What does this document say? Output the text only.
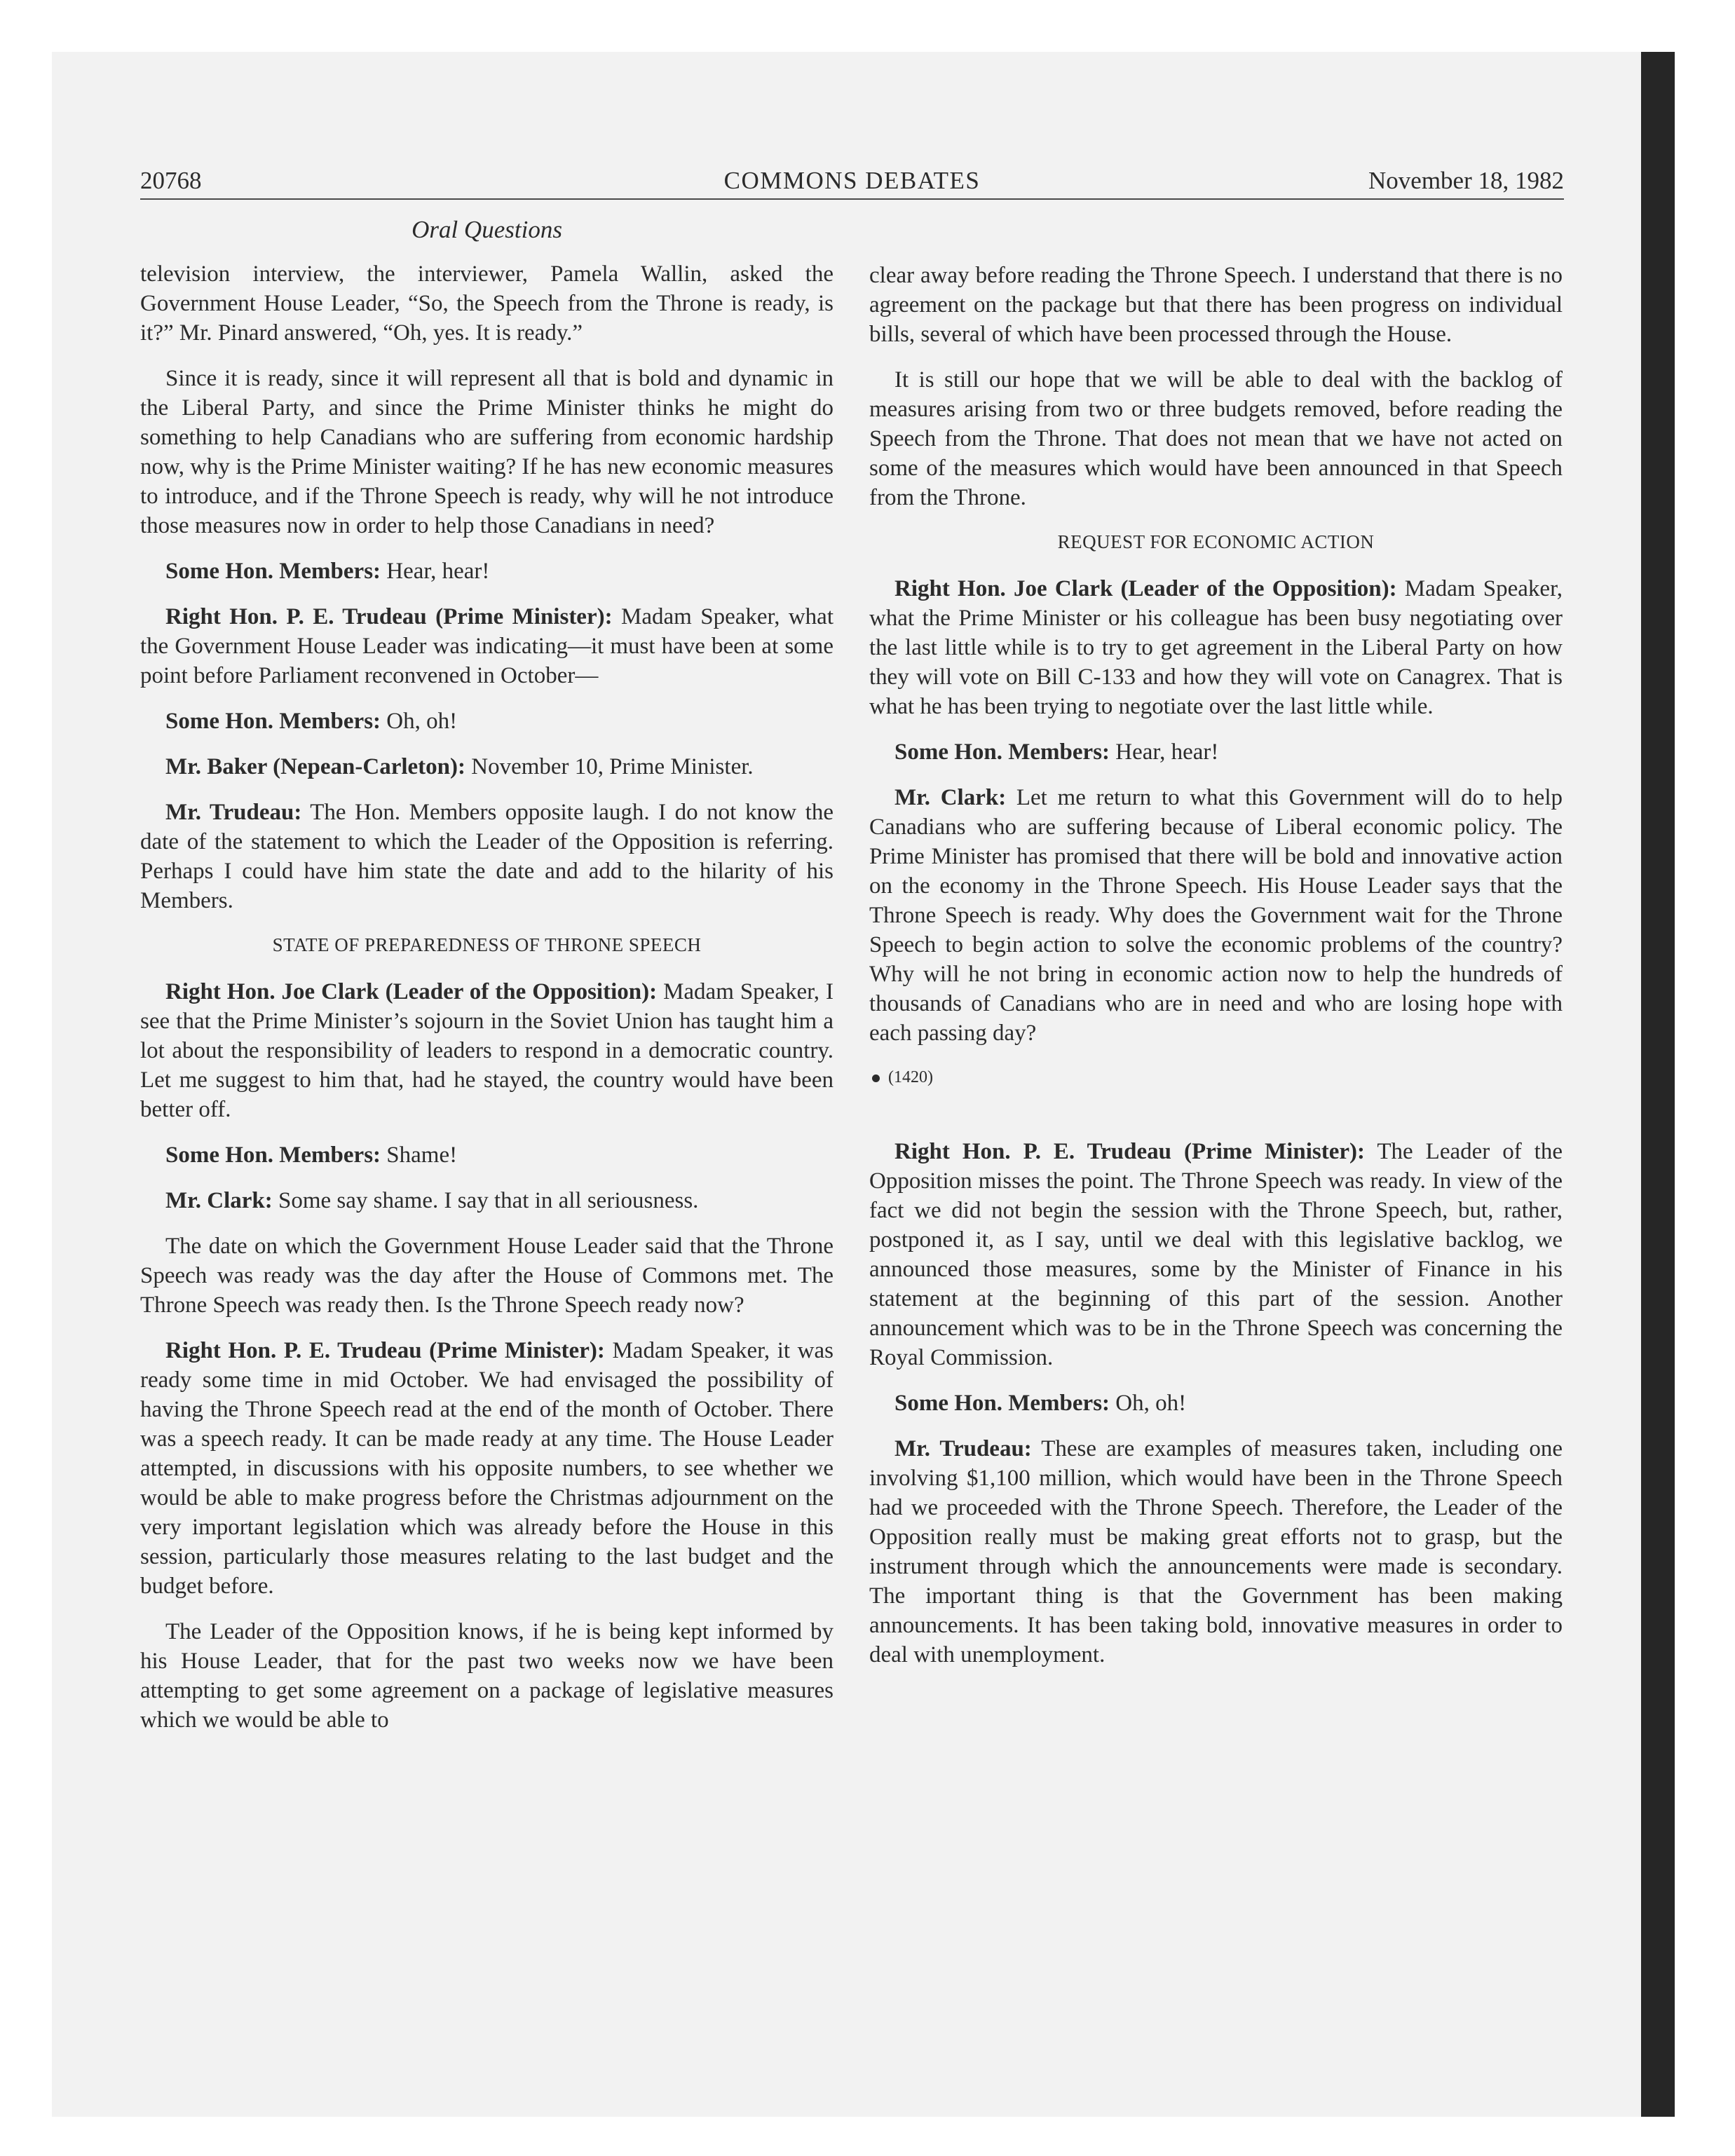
20768	COMMONS DEBATES	November 18, 1982
Oral Questions

television interview, the interviewer, Pamela Wallin, asked the Government House Leader, “So, the Speech from the Throne is ready, is it?” Mr. Pinard answered, “Oh, yes. It is ready.”

Since it is ready, since it will represent all that is bold and dynamic in the Liberal Party, and since the Prime Minister thinks he might do something to help Canadians who are suffering from economic hardship now, why is the Prime Minister waiting? If he has new economic measures to introduce, and if the Throne Speech is ready, why will he not introduce those measures now in order to help those Canadians in need?

Some Hon. Members: Hear, hear!

Right Hon. P. E. Trudeau (Prime Minister): Madam Speaker, what the Government House Leader was indicating—it must have been at some point before Parliament reconvened in October—

Some Hon. Members: Oh, oh!

Mr. Baker (Nepean-Carleton): November 10, Prime Minister.

Mr. Trudeau: The Hon. Members opposite laugh. I do not know the date of the statement to which the Leader of the Opposition is referring. Perhaps I could have him state the date and add to the hilarity of his Members.

STATE OF PREPAREDNESS OF THRONE SPEECH

Right Hon. Joe Clark (Leader of the Opposition): Madam Speaker, I see that the Prime Minister’s sojourn in the Soviet Union has taught him a lot about the responsibility of leaders to respond in a democratic country. Let me suggest to him that, had he stayed, the country would have been better off.

Some Hon. Members: Shame!

Mr. Clark: Some say shame. I say that in all seriousness.

The date on which the Government House Leader said that the Throne Speech was ready was the day after the House of Commons met. The Throne Speech was ready then. Is the Throne Speech ready now?

Right Hon. P. E. Trudeau (Prime Minister): Madam Speaker, it was ready some time in mid October. We had envisaged the possibility of having the Throne Speech read at the end of the month of October. There was a speech ready. It can be made ready at any time. The House Leader attempted, in discussions with his opposite numbers, to see whether we would be able to make progress before the Christmas adjournment on the very important legislation which was already before the House in this session, particularly those measures relating to the last budget and the budget before.

The Leader of the Opposition knows, if he is being kept informed by his House Leader, that for the past two weeks now we have been attempting to get some agreement on a package of legislative measures which we would be able to

clear away before reading the Throne Speech. I understand that there is no agreement on the package but that there has been progress on individual bills, several of which have been processed through the House.

It is still our hope that we will be able to deal with the backlog of measures arising from two or three budgets removed, before reading the Speech from the Throne. That does not mean that we have not acted on some of the measures which would have been announced in that Speech from the Throne.

REQUEST FOR ECONOMIC ACTION

Right Hon. Joe Clark (Leader of the Opposition): Madam Speaker, what the Prime Minister or his colleague has been busy negotiating over the last little while is to try to get agreement in the Liberal Party on how they will vote on Bill C-133 and how they will vote on Canagrex. That is what he has been trying to negotiate over the last little while.

Some Hon. Members: Hear, hear!

Mr. Clark: Let me return to what this Government will do to help Canadians who are suffering because of Liberal economic policy. The Prime Minister has promised that there will be bold and innovative action on the economy in the Throne Speech. His House Leader says that the Throne Speech is ready. Why does the Government wait for the Throne Speech to begin action to solve the economic problems of the country? Why will he not bring in economic action now to help the hundreds of thousands of Canadians who are in need and who are losing hope with each passing day?

(1420)

Right Hon. P. E. Trudeau (Prime Minister): The Leader of the Opposition misses the point. The Throne Speech was ready. In view of the fact we did not begin the session with the Throne Speech, but, rather, postponed it, as I say, until we deal with this legislative backlog, we announced those measures, some by the Minister of Finance in his statement at the beginning of this part of the session. Another announcement which was to be in the Throne Speech was concerning the Royal Commission.

Some Hon. Members: Oh, oh!

Mr. Trudeau: These are examples of measures taken, including one involving $1,100 million, which would have been in the Throne Speech had we proceeded with the Throne Speech. Therefore, the Leader of the Opposition really must be making great efforts not to grasp, but the instrument through which the announcements were made is secondary. The important thing is that the Government has been making announcements. It has been taking bold, innovative measures in order to deal with unemployment.
